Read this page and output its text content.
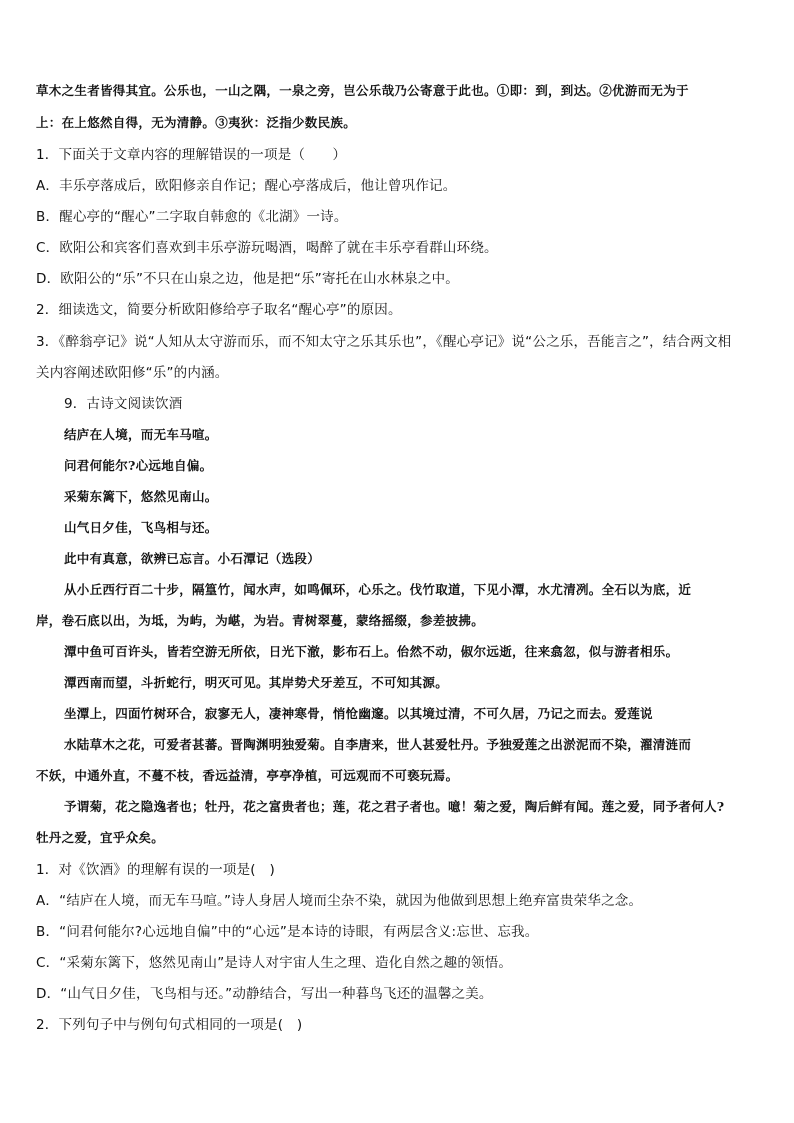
草木之生者皆得其宜。公乐也，一山之隅，一泉之旁，岂公乐哉乃公寄意于此也。①即：到，到达。②优游而无为于
上：在上悠然自得，无为清静。③夷狄：泛指少数民族。
1．下面关于文章内容的理解错误的一项是（　　）
A．丰乐亭落成后，欧阳修亲自作记；醒心亭落成后，他让曾巩作记。
B．醒心亭的“醒心”二字取自韩愈的《北湖》一诗。
C．欧阳公和宾客们喜欢到丰乐亭游玩喝酒，喝醉了就在丰乐亭看群山环绕。
D．欧阳公的“乐”不只在山泉之边，他是把“乐”寄托在山水林泉之中。
2．细读选文，简要分析欧阳修给亭子取名“醒心亭”的原因。
3．《醉翁亭记》说“人知从太守游而乐，而不知太守之乐其乐也”，《醒心亭记》说“公之乐，吾能言之”，结合两文相
关内容阐述欧阳修“乐”的内涵。
9．古诗文阅读饮酒
结庐在人境，而无车马喧。
问君何能尔?心远地自偏。
采菊东篱下，悠然见南山。
山气日夕佳，飞鸟相与还。
此中有真意，欲辨已忘言。小石潭记（选段）
从小丘西行百二十步，隔篁竹，闻水声，如鸣佩环，心乐之。伐竹取道，下见小潭，水尤清冽。全石以为底，近
岸，卷石底以出，为坻，为屿，为嵁，为岩。青树翠蔓，蒙络摇缀，参差披拂。
潭中鱼可百许头，皆若空游无所依，日光下澈，影布石上。佁然不动，俶尔远逝，往来翕忽，似与游者相乐。
潭西南而望，斗折蛇行，明灭可见。其岸势犬牙差互，不可知其源。
坐潭上，四面竹树环合，寂寥无人，凄神寒骨，悄怆幽邃。以其境过清，不可久居，乃记之而去。爱莲说
水陆草木之花，可爱者甚蕃。晋陶渊明独爱菊。自李唐来，世人甚爱牡丹。予独爱莲之出淤泥而不染，濯清涟而
不妖，中通外直，不蔓不枝，香远益清，亭亭净植，可远观而不可亵玩焉。
予谓菊，花之隐逸者也；牡丹，花之富贵者也；莲，花之君子者也。噫！菊之爱，陶后鲜有闻。莲之爱，同予者何人?
牡丹之爱，宜乎众矣。
1．对《饮酒》的理解有误的一项是(　)
A．“结庐在人境，而无车马喧。”诗人身居人境而尘杂不染，就因为他做到思想上绝弃富贵荣华之念。
B．“问君何能尔?心远地自偏”中的“心远”是本诗的诗眼，有两层含义:忘世、忘我。
C．“采菊东篱下，悠然见南山”是诗人对宇宙人生之理、造化自然之趣的领悟。
D．“山气日夕佳，飞鸟相与还。”动静结合，写出一种暮鸟飞还的温馨之美。
2．下列句子中与例句句式相同的一项是(　)
